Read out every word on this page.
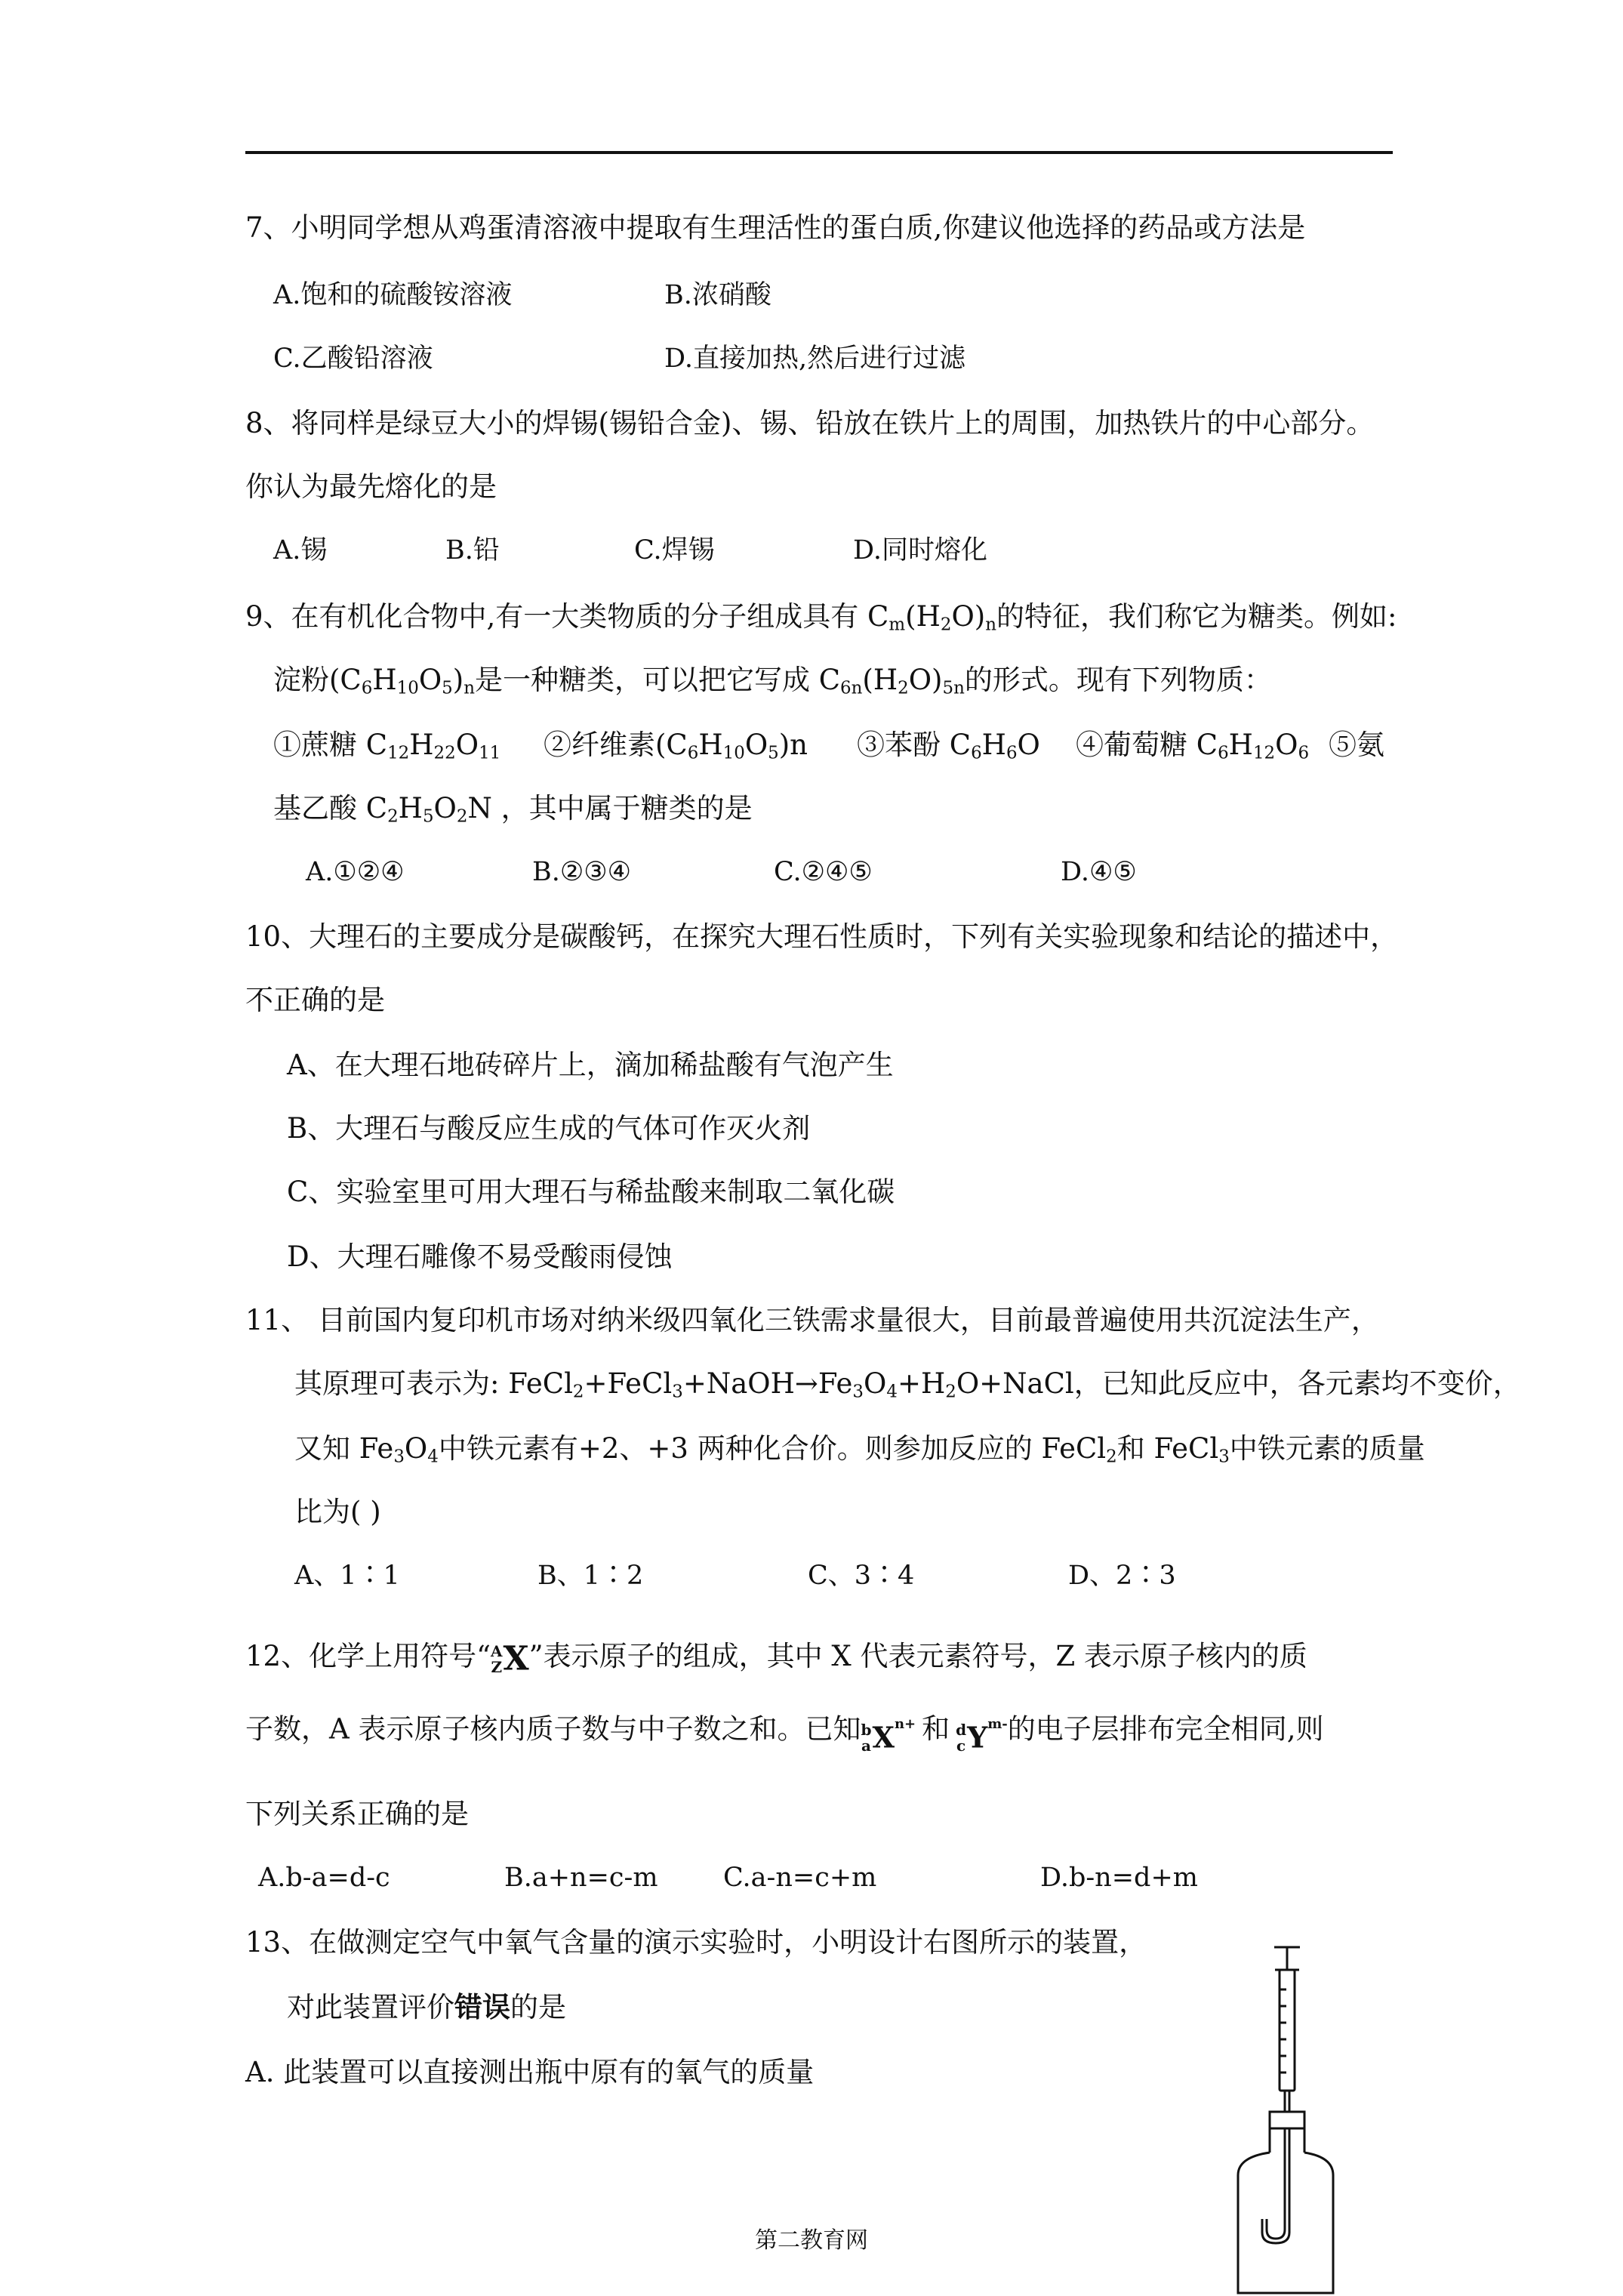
7、小明同学想从鸡蛋清溶液中提取有生理活性的蛋白质,你建议他选择的药品或方法是
A.饱和的硫酸铵溶液	B.浓硝酸
C.乙酸铅溶液	D.直接加热,然后进行过滤
8、将同样是绿豆大小的焊锡(锡铅合金)、锡、铅放在铁片上的周围，加热铁片的中心部分。
你认为最先熔化的是
A.锡	B.铅	C.焊锡	D.同时熔化
9、在有机化合物中,有一大类物质的分子组成具有 $C_m(H_2O)_n$的特征，我们称它为糖类。例如:
淀粉$(C_6H_{10}O_5)_n$是一种糖类，可以把它写成 $C_{6n}(H_2O)_{5n}$的形式。现有下列物质：
①蔗糖 $C_{12}H_{22}O_{11}$ ②纤维素$(C_6H_{10}O_5)n$ ③苯酚 $C_6H_6O$ ④葡萄糖 $C_6H_{12}O_6$ ⑤氨
基乙酸 $C_2H_5O_2N$ ，其中属于糖类的是
A.①②④	B.②③④	C.②④⑤	D.④⑤
10、大理石的主要成分是碳酸钙，在探究大理石性质时，下列有关实验现象和结论的描述中，
不正确的是
A、在大理石地砖碎片上，滴加稀盐酸有气泡产生
B、大理石与酸反应生成的气体可作灭火剂
C、实验室里可用大理石与稀盐酸来制取二氧化碳
D、大理石雕像不易受酸雨侵蚀
11、 目前国内复印机市场对纳米级四氧化三铁需求量很大，目前最普遍使用共沉淀法生产，
其原理可表示为: $FeCl_2+FeCl_3+NaOH\to Fe_3O_4+H_2O+NaCl$，已知此反应中，各元素均不变价，
又知 $Fe_3O_4$中铁元素有+2、+3 两种化合价。则参加反应的 FeCl$_2$和 FeCl$_3$中铁元素的质量
比为( )
A、1∶1	B、1∶2	C、3∶4	D、2∶3
12、化学上用符号“A
ZX”表示原子的组成，其中 X 代表元素符号，Z 表示原子核内的质
子数，A 表示原子核内质子数与中子数之和。已知b
$aX^{n+}$ 和 d
$cY^{m-}$的电子层排布完全相同,则
下列关系正确的是
A.b-a=d-c	B.a+n=c-m C.a-n=c+m	D.b-n=d+m
13、在做测定空气中氧气含量的演示实验时，小明设计右图所示的装置，
对此装置评价错误的是
A. 此装置可以直接测出瓶中原有的氧气的质量
第二教育网
